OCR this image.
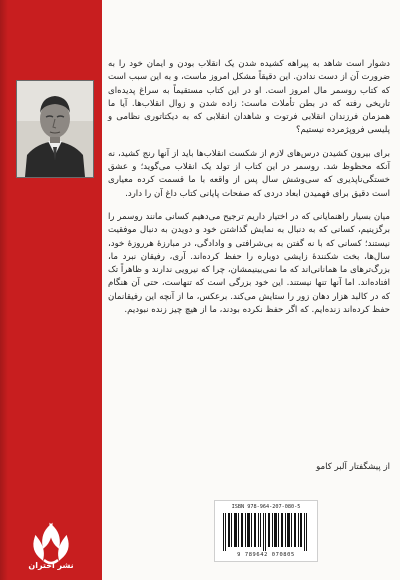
دشوار است شاهد به پیراهه کشیده شدن یک انقلاب بودن و ایمان خود را به ضرورت آن از دست ندادن. این دقیقاً مشکل امروز ماست، و به این سبب است که کتاب روسمر مال امروز است. او در این کتاب مستقیماً به سراغ پدیده‌ای تاریخی رفته که در بطن تأملات ماست: زاده شدن و زوال انقلاب‌ها. آیا ما همزمان فرزندان انقلابی فرتوت و شاهدان انقلابی که به دیکتاتوری نظامی و پلیسی فروپژمرده نیستیم؟

برای بیرون کشیدن درس‌های لازم از شکست انقلاب‌ها باید از آنها رنج کشید، نه آنکه محظوظ شد. روسمر در این کتاب از تولد یک انقلاب می‌گوید؛ و عشق خستگی‌ناپذیری که سی‌وشش سال پس از واقعه با ما قسمت کرده معیاری است دقیق برای فهمیدن ابعاد دردی که صفحات پایانی کتاب داغ آن را دارد.

میان بسیار راهنمایانی که در اختیار داریم ترجیح می‌دهیم کسانی مانند روسمر را برگزینیم، کسانی که به دنبال به نمایش گذاشتن خود و دویدن به دنبال موفقیت نیستند؛ کسانی که با نه گفتن به بی‌شرافتی و وادادگی، در مبارزهٔ هرروزهٔ خود، سال‌ها، بخت شکنندهٔ زایشی دوباره را حفظ کرده‌اند. آری، رفیقان نبرد ما، بزرگ‌ترهای ما همانانی‌اند که ما نمی‌بینیمشان، چرا که نیرویی ندارند و ظاهراً تک افتاده‌اند. اما آنها تنها نیستند. این خود بزرگی است که تنهاست، حتی آن هنگام که در کالبد هزار دهان زور را ستایش می‌کند. برعکس، ما از آنچه این رفیقانمان حفظ کرده‌اند زنده‌ایم. که اگر حفظ نکرده بودند، ما از هیچ چیز زنده نبودیم.

از پیشگفتار آلبر کامو
ISBN 978-964-207-080-5
9 789642 070805
نشر اختران
